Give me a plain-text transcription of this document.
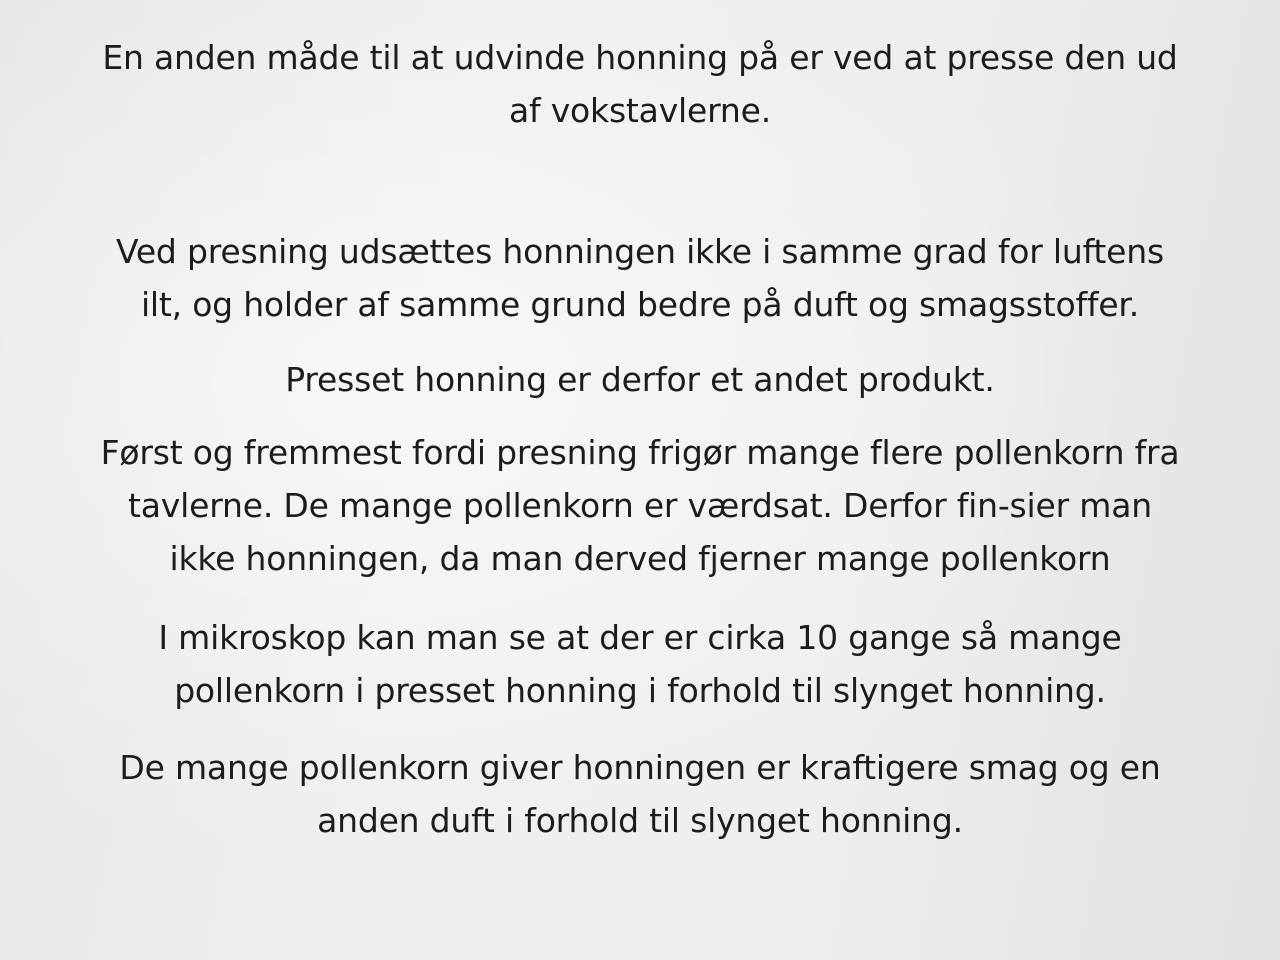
En anden måde til at udvinde honning på er ved at presse den ud
af vokstavlerne.
Ved presning udsættes honningen ikke i samme grad for luftens
ilt, og holder af samme grund bedre på duft og smagsstoffer.
Presset honning er derfor et andet produkt.
Først og fremmest fordi presning frigør mange flere pollenkorn fra
tavlerne. De mange pollenkorn er værdsat. Derfor fin-sier man
ikke honningen, da man derved fjerner mange pollenkorn
I mikroskop kan man se at der er cirka 10 gange så mange
pollenkorn i presset honning i forhold til slynget honning.
De mange pollenkorn giver honningen er kraftigere smag og en
anden duft i forhold til slynget honning.
